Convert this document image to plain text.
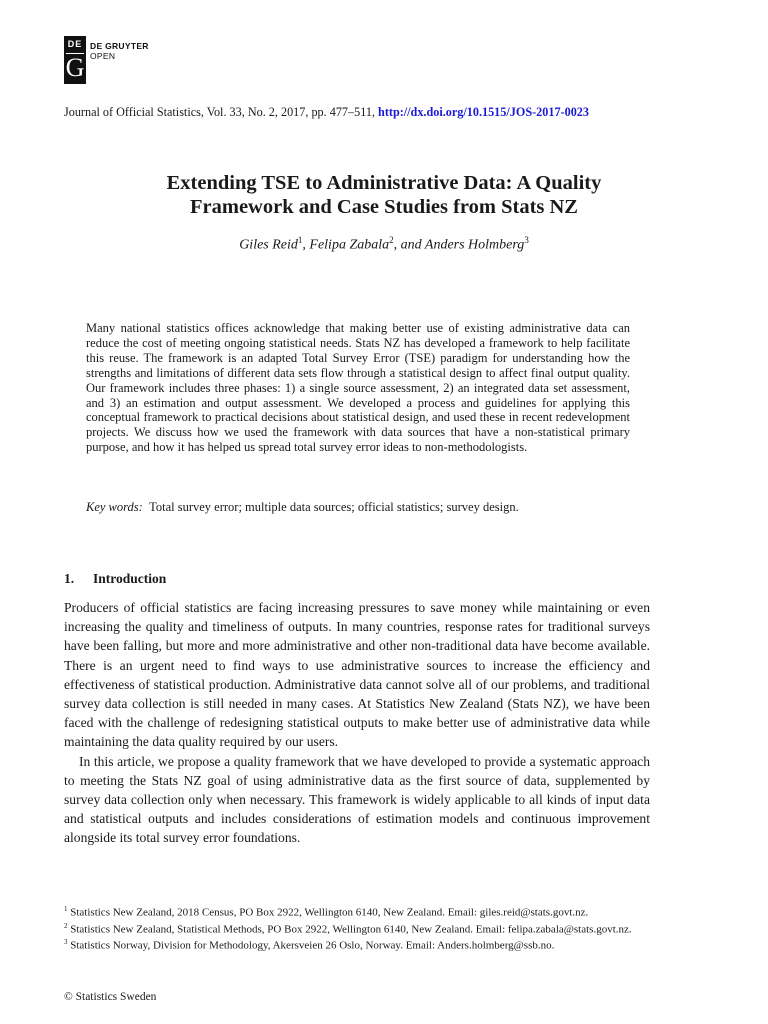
DE
G
DE GRUYTER
OPEN
Journal of Official Statistics, Vol. 33, No. 2, 2017, pp. 477–511, http://dx.doi.org/10.1515/JOS-2017-0023
Extending TSE to Administrative Data: A Quality
Framework and Case Studies from Stats NZ
Giles Reid$^1$, Felipa Zabala$^2$, and Anders Holmberg$^3$
Many national statistics offices acknowledge that making better use of existing administrative data can reduce the cost of meeting ongoing statistical needs. Stats NZ has developed a framework to help facilitate this reuse. The framework is an adapted Total Survey Error (TSE) paradigm for understanding how the strengths and limitations of different data sets flow through a statistical design to affect final output quality. Our framework includes three phases: 1) a single source assessment, 2) an integrated data set assessment, and 3) an estimation and output assessment. We developed a process and guidelines for applying this conceptual framework to practical decisions about statistical design, and used these in recent redevelopment projects. We discuss how we used the framework with data sources that have a non-statistical primary purpose, and how it has helped us spread total survey error ideas to non-methodologists.
Key words: Total survey error; multiple data sources; official statistics; survey design.
1. Introduction

Producers of official statistics are facing increasing pressures to save money while maintaining or even increasing the quality and timeliness of outputs. In many countries, response rates for traditional surveys have been falling, but more and more administrative and other non-traditional data have become available. There is an urgent need to find ways to use administrative sources to increase the efficiency and effectiveness of statistical production. Administrative data cannot solve all of our problems, and traditional survey data collection is still needed in many cases. At Statistics New Zealand (Stats NZ), we have been faced with the challenge of redesigning statistical outputs to make better use of administrative data while maintaining the data quality required by our users.

In this article, we propose a quality framework that we have developed to provide a systematic approach to meeting the Stats NZ goal of using administrative data as the first source of data, supplemented by survey data collection only when necessary. This framework is widely applicable to all kinds of input data and statistical outputs and includes considerations of estimation models and continuous improvement alongside its total survey error foundations.

$^1$ Statistics New Zealand, 2018 Census, PO Box 2922, Wellington 6140, New Zealand. Email: giles.reid@stats.govt.nz.

$^2$ Statistics New Zealand, Statistical Methods, PO Box 2922, Wellington 6140, New Zealand. Email: felipa.zabala@stats.govt.nz.

$^3$ Statistics Norway, Division for Methodology, Akersveien 26 Oslo, Norway. Email: Anders.holmberg@ssb.no.

© Statistics Sweden
